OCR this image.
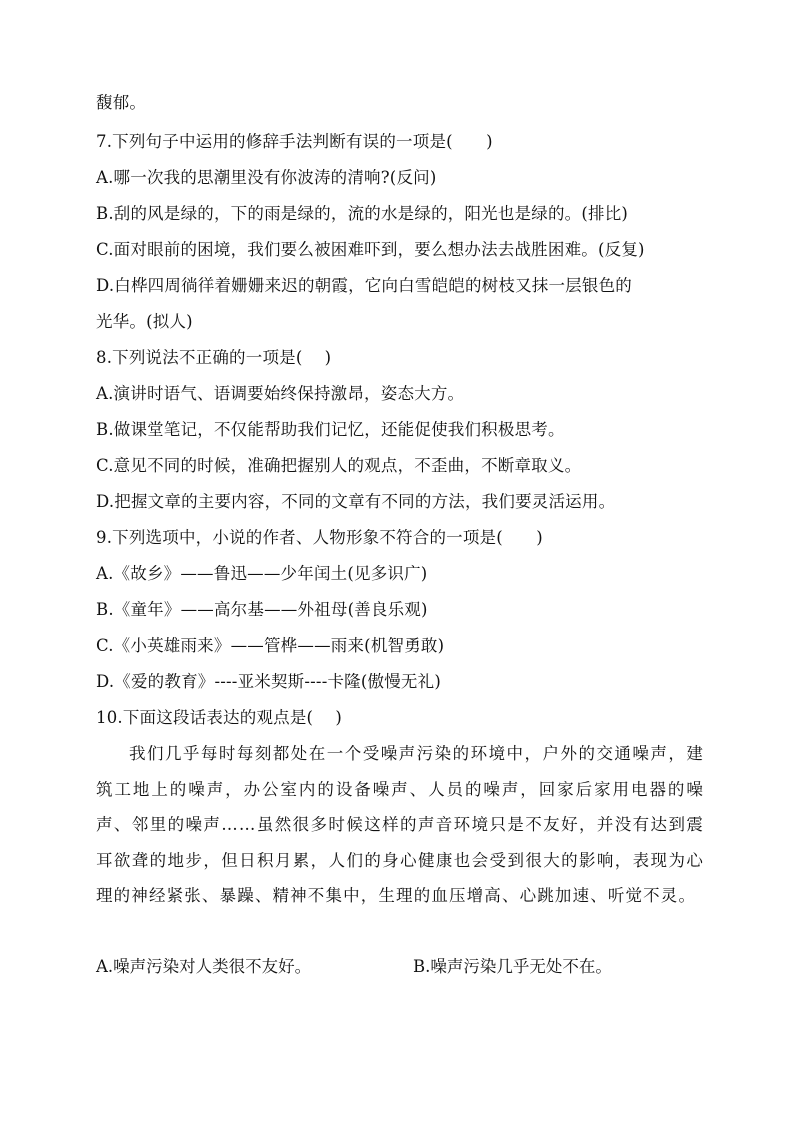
馥郁。
7.下列句子中运用的修辞手法判断有误的一项是(　　)
A.哪一次我的思潮里没有你波涛的清响?(反问)
B.刮的风是绿的，下的雨是绿的，流的水是绿的，阳光也是绿的。(排比)
C.面对眼前的困境，我们要么被困难吓到，要么想办法去战胜困难。(反复)
D.白桦四周徜徉着姗姗来迟的朝霞，它向白雪皑皑的树枝又抹一层银色的
光华。(拟人)
8.下列说法不正确的一项是(　 )
A.演讲时语气、语调要始终保持激昂，姿态大方。
B.做课堂笔记，不仅能帮助我们记忆，还能促使我们积极思考。
C.意见不同的时候，准确把握别人的观点，不歪曲，不断章取义。
D.把握文章的主要内容，不同的文章有不同的方法，我们要灵活运用。
9.下列选项中，小说的作者、人物形象不符合的一项是(　　)
A.《故乡》——鲁迅——少年闰土(见多识广)
B.《童年》——高尔基——外祖母(善良乐观)
C.《小英雄雨来》——管桦——雨来(机智勇敢)
D.《爱的教育》----亚米契斯----卡隆(傲慢无礼)
10.下面这段话表达的观点是(　 )
我们几乎每时每刻都处在一个受噪声污染的环境中，户外的交通噪声，建筑工地上的噪声，办公室内的设备噪声、人员的噪声，回家后家用电器的噪声、邻里的噪声……虽然很多时候这样的声音环境只是不友好，并没有达到震耳欲聋的地步，但日积月累，人们的身心健康也会受到很大的影响，表现为心理的神经紧张、暴躁、精神不集中，生理的血压增高、心跳加速、听觉不灵。
A.噪声污染对人类很不友好。	B.噪声污染几乎无处不在。
